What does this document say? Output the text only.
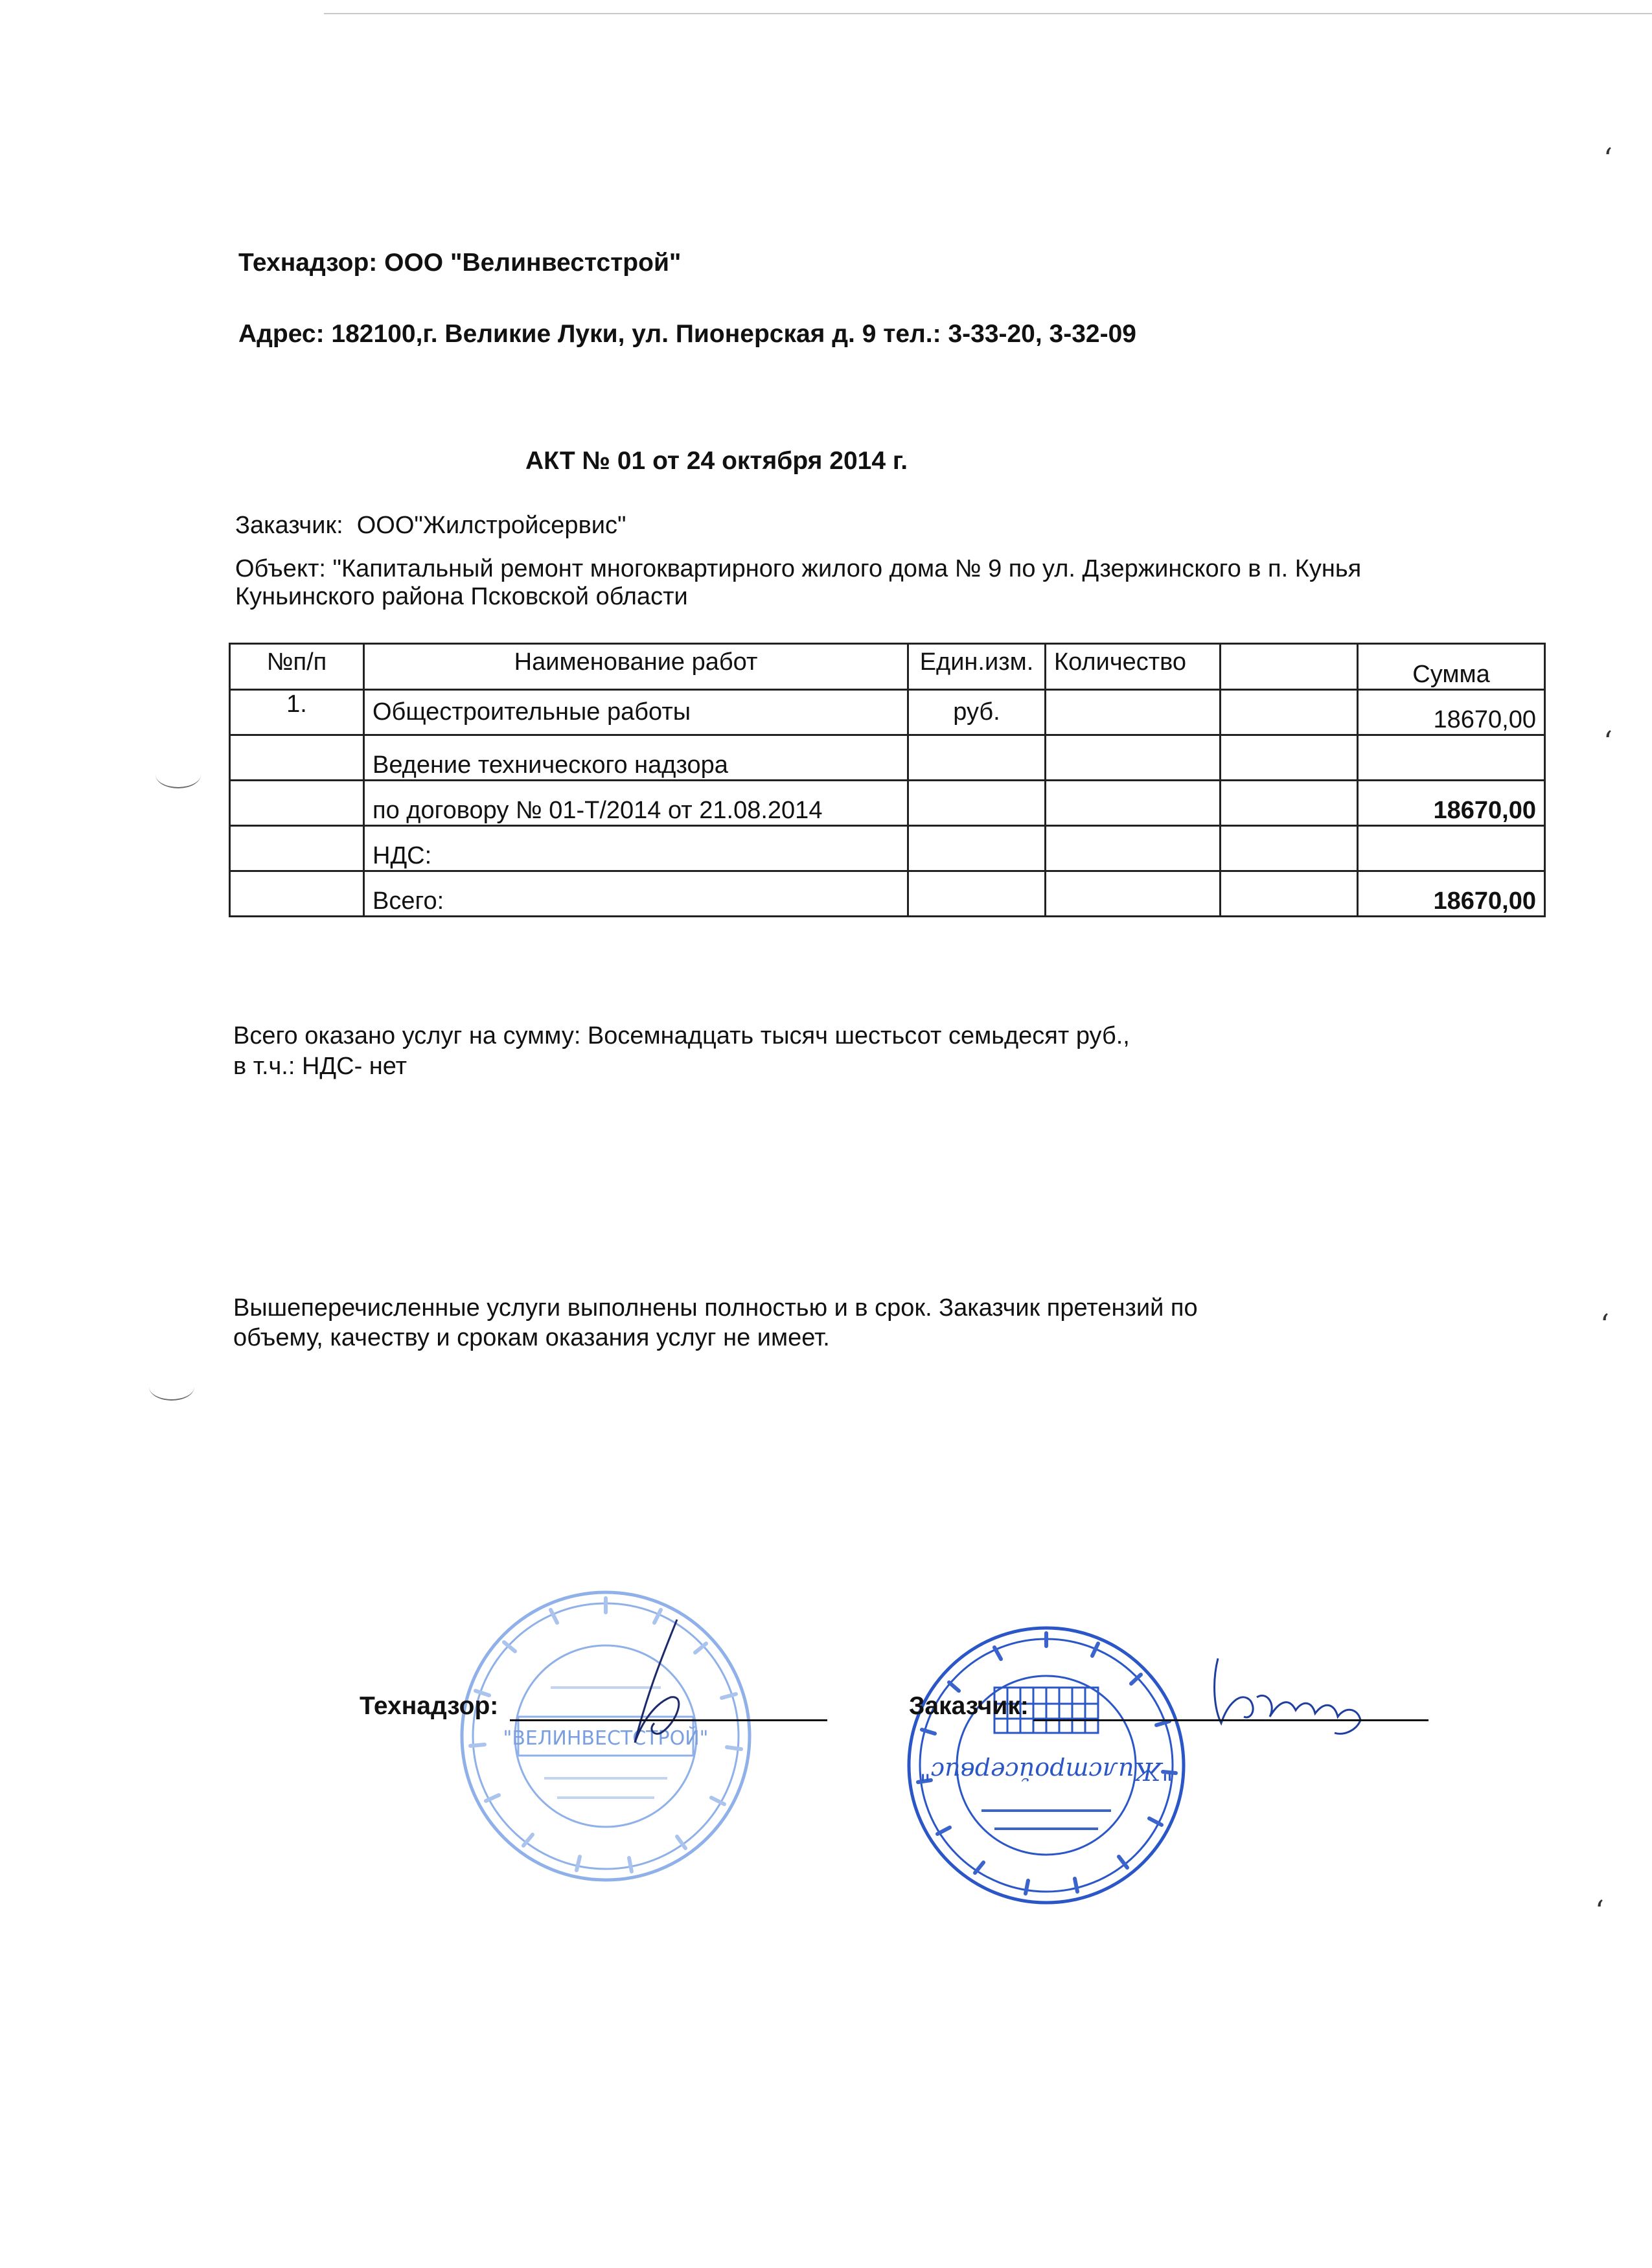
ʻ
ʻ
ʻ
ʻ
Технадзор: ООО "Велинвестстрой"
Адрес: 182100,г. Великие Луки, ул. Пионерская д. 9 тел.: 3-33-20, 3-32-09
АКТ № 01 от 24 октября 2014 г.
Заказчик: ООО"Жилстройсервис"
Объект: "Капитальный ремонт многоквартирного жилого дома № 9 по ул. Дзержинского в п. Кунья
Куньинского района Псковской области
№п/п	Наименование работ	Един.изм.	Количество		Сумма
1.	Общестроительные работы	руб.			18670,00
	Ведение технического надзора				
	по договору № 01-Т/2014 от 21.08.2014				18670,00
	НДС:				
	Всего:				18670,00
Всего оказано услуг на сумму: Восемнадцать тысяч шестьсот семьдесят руб.,
в т.ч.: НДС- нет
Вышеперечисленные услуги выполнены полностью и в срок. Заказчик претензий по
объему, качеству и срокам оказания услуг не имеет.
"ВЕЛИНВЕСТСТРОЙ"
"Жилстройсервис"
Технадзор:	Заказчик:
